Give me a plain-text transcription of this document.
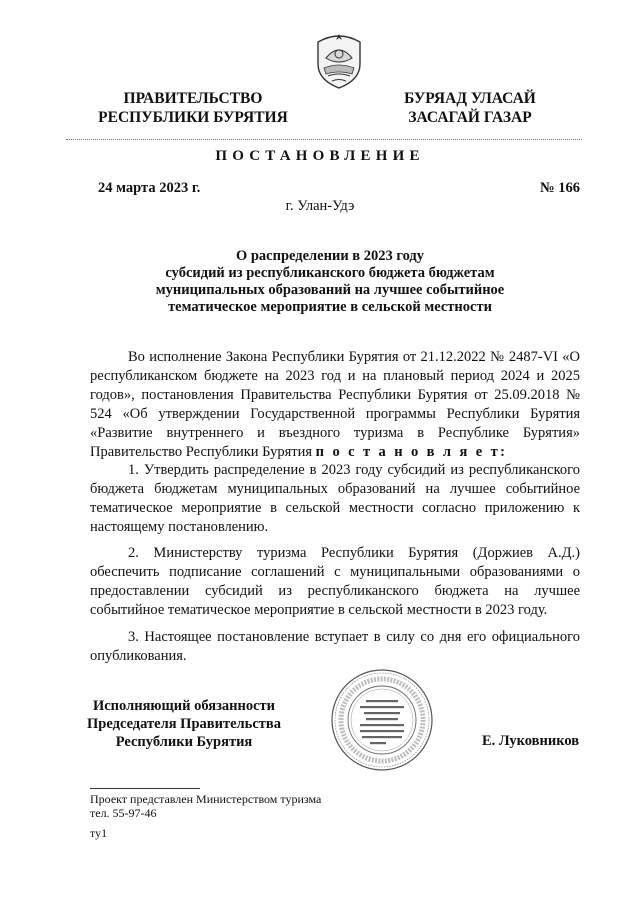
ПРАВИТЕЛЬСТВО
РЕСПУБЛИКИ БУРЯТИЯ
БУРЯАД УЛАСАЙ
ЗАСАГАЙ ГАЗАР
ПОСТАНОВЛЕНИЕ
24 марта 2023 г.	№ 166
г. Улан-Удэ
О распределении в 2023 году
субсидий из республиканского бюджета бюджетам
муниципальных образований на лучшее событийное
тематическое мероприятие в сельской местности
Во исполнение Закона Республики Бурятия от 21.12.2022 № 2487-VI «О республиканском бюджете на 2023 год и на плановый период 2024 и 2025 годов», постановления Правительства Республики Бурятия от 25.09.2018 № 524 «Об утверждении Государственной программы Республики Бурятия «Развитие внутреннего и въездного туризма в Республике Бурятия» Правительство Республики Бурятия п о с т а н о в л я е т:
1. Утвердить распределение в 2023 году субсидий из республиканского бюджета бюджетам муниципальных образований на лучшее событийное тематическое мероприятие в сельской местности согласно приложению к настоящему постановлению.
2. Министерству туризма Республики Бурятия (Доржиев А.Д.) обеспечить подписание соглашений с муниципальными образованиями о предоставлении субсидий из республиканского бюджета на лучшее событийное тематическое мероприятие в сельской местности в 2023 году.
3. Настоящее постановление вступает в силу со дня его официального опубликования.
Исполняющий обязанности
Председателя Правительства
Республики Бурятия	Е. Луковников
Проект представлен Министерством туризма
тел. 55-97-46
ту1
